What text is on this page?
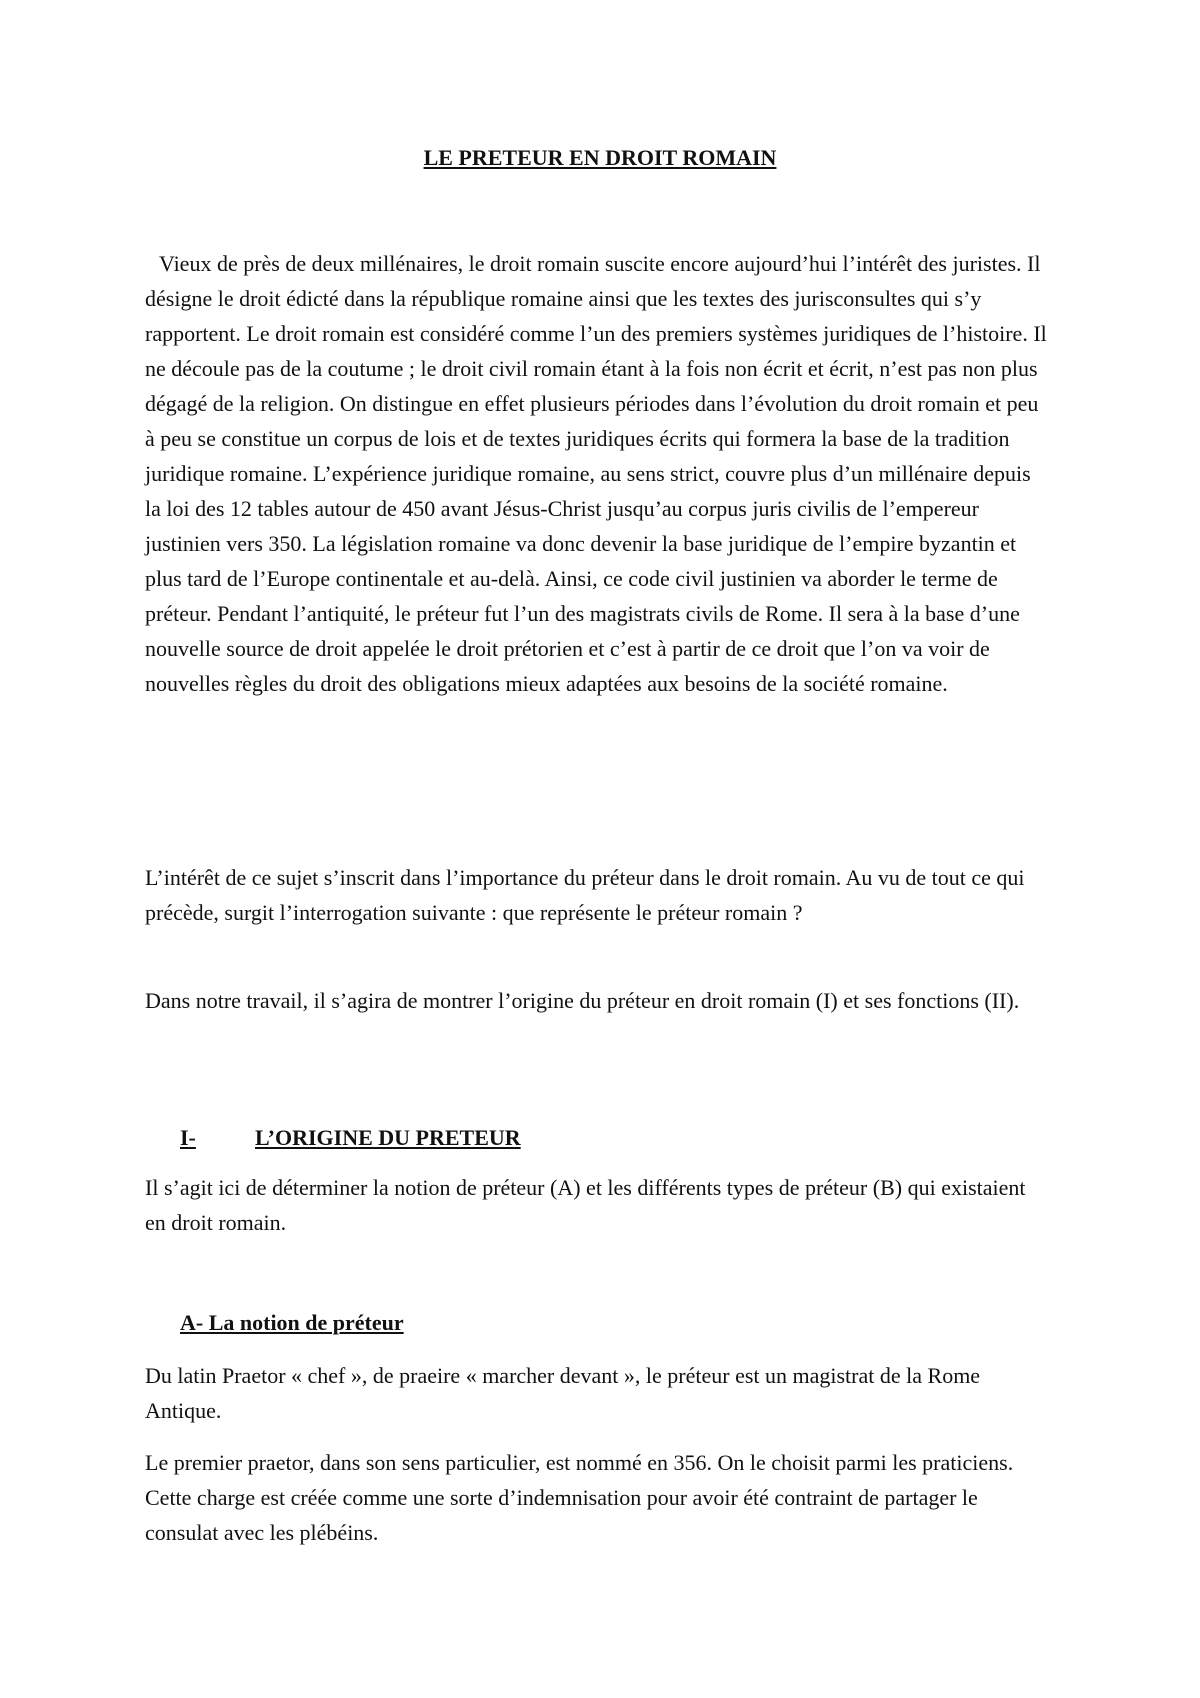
LE PRETEUR EN DROIT ROMAIN

Vieux de près de deux millénaires, le droit romain suscite encore aujourd’hui l’intérêt des juristes. Il désigne le droit édicté dans la république romaine ainsi que les textes des jurisconsultes qui s’y rapportent. Le droit romain est considéré comme l’un des premiers systèmes juridiques de l’histoire. Il ne découle pas de la coutume ; le droit civil romain étant à la fois non écrit et écrit, n’est pas non plus dégagé de la religion. On distingue en effet plusieurs périodes dans l’évolution du droit romain et peu à peu se constitue un corpus de lois et de textes juridiques écrits qui formera la base de la tradition juridique romaine. L’expérience juridique romaine, au sens strict, couvre plus d’un millénaire depuis la loi des 12 tables autour de 450 avant Jésus-Christ jusqu’au corpus juris civilis de l’empereur justinien vers 350. La législation romaine va donc devenir la base juridique de l’empire byzantin et plus tard de l’Europe continentale et au-delà. Ainsi, ce code civil justinien va aborder le terme de préteur. Pendant l’antiquité, le préteur fut l’un des magistrats civils de Rome. Il sera à la base d’une nouvelle source de droit appelée le droit prétorien et c’est à partir de ce droit que l’on va voir de nouvelles règles du droit des obligations mieux adaptées aux besoins de la société romaine.

L’intérêt de ce sujet s’inscrit dans l’importance du préteur dans le droit romain. Au vu de tout ce qui précède, surgit l’interrogation suivante : que représente le préteur romain ?

Dans notre travail, il s’agira de montrer l’origine du préteur en droit romain (I) et ses fonctions (II).

I-	L’ORIGINE DU PRETEUR

Il s’agit ici de déterminer la notion de préteur (A) et les différents types de préteur (B) qui existaient en droit romain.

A- La notion de préteur

Du latin Praetor « chef », de praeire « marcher devant », le préteur est un magistrat de la Rome Antique.

Le premier praetor, dans son sens particulier, est nommé en 356. On le choisit parmi les praticiens. Cette charge est créée comme une sorte d’indemnisation pour avoir été contraint de partager le consulat avec les plébéins.
